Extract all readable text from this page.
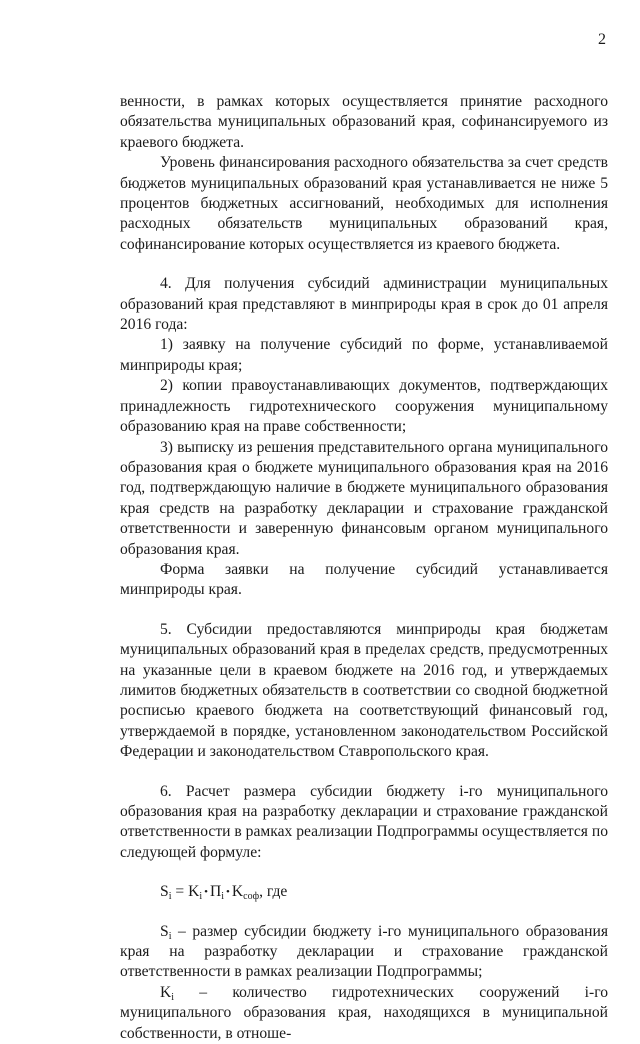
2

венности, в рамках которых осуществляется принятие расходного обязательства муниципальных образований края, софинансируемого из краевого бюджета.

Уровень финансирования расходного обязательства за счет средств бюджетов муниципальных образований края устанавливается не ниже 5 процентов бюджетных ассигнований, необходимых для исполнения расходных обязательств муниципальных образований края, софинансирование которых осуществляется из краевого бюджета.

4. Для получения субсидий администрации муниципальных образований края представляют в минприроды края в срок до 01 апреля 2016 года:

1) заявку на получение субсидий по форме, устанавливаемой минприроды края;

2) копии правоустанавливающих документов, подтверждающих принадлежность гидротехнического сооружения муниципальному образованию края на праве собственности;

3) выписку из решения представительного органа муниципального образования края о бюджете муниципального образования края на 2016 год, подтверждающую наличие в бюджете муниципального образования края средств на разработку декларации и страхование гражданской ответственности и заверенную финансовым органом муниципального образования края.

Форма заявки на получение субсидий устанавливается минприроды края.

5. Субсидии предоставляются минприроды края бюджетам муниципальных образований края в пределах средств, предусмотренных на указанные цели в краевом бюджете на 2016 год, и утверждаемых лимитов бюджетных обязательств в соответствии со сводной бюджетной росписью краевого бюджета на соответствующий финансовый год, утверждаемой в порядке, установленном законодательством Российской Федерации и законодательством Ставропольского края.

6. Расчет размера субсидии бюджету i-го муниципального образования края на разработку декларации и страхование гражданской ответственности в рамках реализации Подпрограммы осуществляется по следующей формуле:

$S_i = K_i$ • $П_i$ • $K_{соф}$, где

$S_i$ – размер субсидии бюджету i-го муниципального образования края на разработку декларации и страхование гражданской ответственности в рамках реализации Подпрограммы;

$K_i$ – количество гидротехнических сооружений i-го муниципального образования края, находящихся в муниципальной собственности, в отноше-
